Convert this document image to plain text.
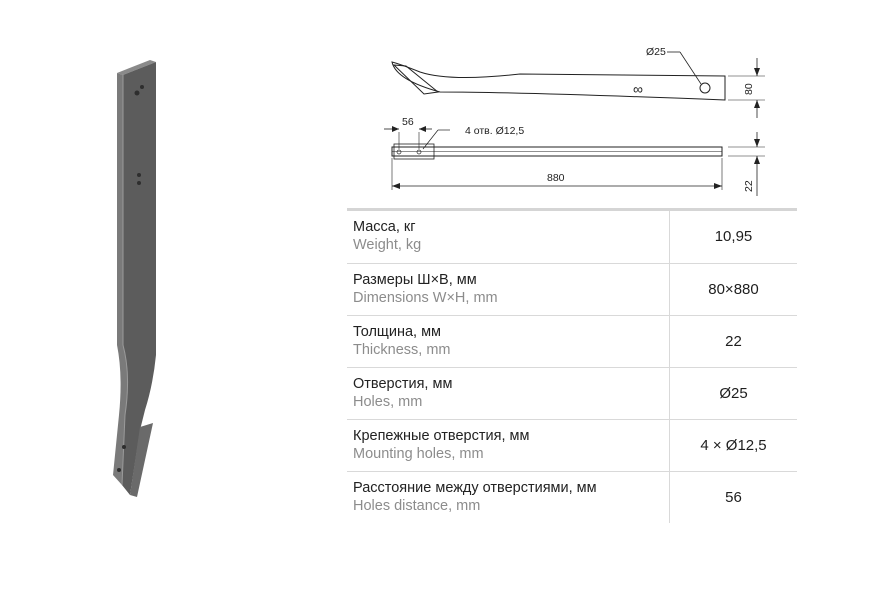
∞
Ø25
80
56
4 отв. Ø12,5
880
22
Масса, кг
Weight, kg	10,95

Размеры Ш×В, мм
Dimensions W×H, mm	80×880

Толщина, мм
Thickness, mm	22

Отверстия, мм
Holes, mm	Ø25

Крепежные отверстия, мм
Mounting holes, mm	4 × Ø12,5

Расстояние между отверстиями, мм
Holes distance, mm	56
